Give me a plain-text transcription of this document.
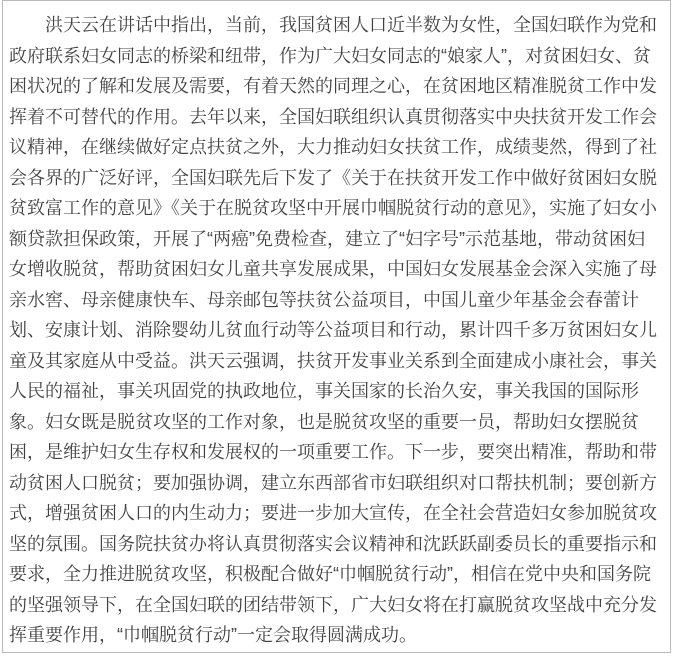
洪天云在讲话中指出，当前，我国贫困人口近半数为女性，全国妇联作为党和政府联系妇女同志的桥梁和纽带，作为广大妇女同志的“娘家人”，对贫困妇女、贫困状况的了解和发展及需要，有着天然的同理之心，在贫困地区精准脱贫工作中发挥着不可替代的作用。去年以来，全国妇联组织认真贯彻落实中央扶贫开发工作会议精神，在继续做好定点扶贫之外，大力推动妇女扶贫工作，成绩斐然，得到了社会各界的广泛好评，全国妇联先后下发了《关于在扶贫开发工作中做好贫困妇女脱贫致富工作的意见》《关于在脱贫攻坚中开展巾帼脱贫行动的意见》，实施了妇女小额贷款担保政策，开展了“两癌”免费检查，建立了“妇字号”示范基地，带动贫困妇女增收脱贫，帮助贫困妇女儿童共享发展成果，中国妇女发展基金会深入实施了母亲水窖、母亲健康快车、母亲邮包等扶贫公益项目，中国儿童少年基金会春蕾计划、安康计划、消除婴幼儿贫血行动等公益项目和行动，累计四千多万贫困妇女儿童及其家庭从中受益。洪天云强调，扶贫开发事业关系到全面建成小康社会，事关人民的福祉，事关巩固党的执政地位，事关国家的长治久安，事关我国的国际形象。妇女既是脱贫攻坚的工作对象，也是脱贫攻坚的重要一员，帮助妇女摆脱贫困，是维护妇女生存权和发展权的一项重要工作。下一步，要突出精准，帮助和带动贫困人口脱贫；要加强协调，建立东西部省市妇联组织对口帮扶机制；要创新方式，增强贫困人口的内生动力；要进一步加大宣传，在全社会营造妇女参加脱贫攻坚的氛围。国务院扶贫办将认真贯彻落实会议精神和沈跃跃副委员长的重要指示和要求，全力推进脱贫攻坚，积极配合做好“巾帼脱贫行动”，相信在党中央和国务院的坚强领导下，在全国妇联的团结带领下，广大妇女将在打赢脱贫攻坚战中充分发挥重要作用，“巾帼脱贫行动”一定会取得圆满成功。
